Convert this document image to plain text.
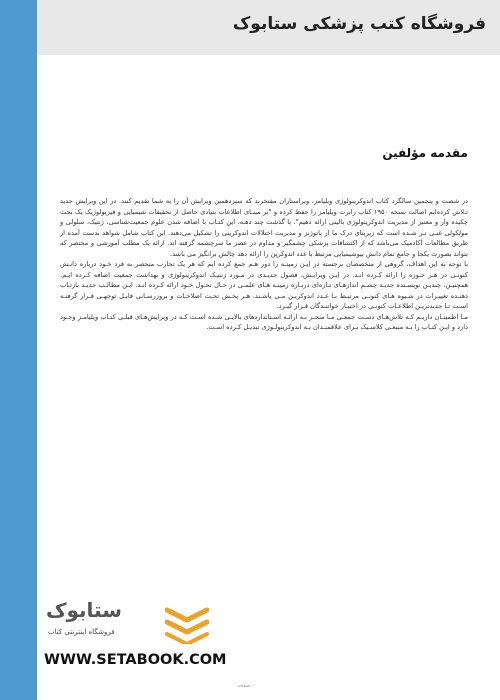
فروشگاه کتب پزشکی ستابوک
مقدمه مؤلفین

در شصت و پنجمین سالگرد کتاب اندوکرینولوژی ویلیامز، ویراستاران مفتخرند که سیزدهمین ویرایش آن را به شما تقدیم کنند. در این ویرایش جدید تـلاش کرده‌ایم اصالت نسخه ۱۹۵۰ کتاب رابرت ویلیامز را حفظ کرده و "بر مبنـای اطلاعات بنیادی حاصل از تحقیقات شیمیایی و فیزیولوژیک یک بحث چکیده وار و معتبر از مدیریت اندوکرینولوژی بالینی ارائه دهیم". با گذشت چند دهـه، این کتـاب با اضافه شدن علوم جمعیت‌شناسی، ژنتیک، سلولی و مولکولی غنـی تـر شـده است که زیربنای درک ما از پاتوژنز و مدیریت اختلالات اندوکرینی را تشکیل می‌دهند. این کتاب شامل شواهد بدست آمده از طریق مطالعات آکادمیک می‌باشد که از اکتشافات پزشکی چشمگیر و مداوم در عصر ما سرچشمه گرفته اند. ارائه یک مطلب آموزشی و مختصر که بتواند بصورت یکجا و جامع تمام دانش بیوشیمیایی مرتبط با غدد اندوکرین را ارائه دهد چالش برانگیز می باشد.

با توجه به این اهداف، گروهی از متخصصان برجسته در ایـن زمینـه را دور هـم جمع کرده ایم که هر یک تجارب منحصر به فرد خـود درباره دانـش کنونـی در هـر حـوزه را ارائه کـرده انـد. در ایـن ویرایـش، فصول جدیـدی در مـورد ژنتیـک اندوکرینولوژی و بهداشت جمعیت اضافه کـرده ایـم. همچنیـن، چندیـن نویسـنده جدیـد چشـم اندازهـای تـازه‌ای دربـاره زمینـه هـای علمـی در حـال تحـول خـود ارائه کـرده انـد. ایـن مطالـب جدیـد بازتـاب دهنـده تغییـرات در شـیوه هـای کنونـی مرتبـط بـا غـدد اندوکریـن مـی باشـند. هـر بخـش تحـت اصلاحـات و بروزرسـانی قابـل توجهـی قـرار گرفتـه اسـت تـا جدیدتریـن اطلاعـات کنونـی در اختیـار خواننـدگان قـرار گیـرد.

مـا اطمینـان داریـم کـه تلاش‌هـای دسـت جمعـی مـا منجـر بـه ارائـه اسـتانداردهای بالایـی شـده اسـت کـه در ویرایش‌هـای قبلـی کتـاب ویلیامـز وجـود دارد و ایـن کتـاب را بـه منبعـی کلاسـیک بـرای علاقمنـدان بـه اندوکرینولـوژی تبدیـل کـرده اسـت.

ستابوک
فروشگاه اینترنتی کتاب
WWW.SETABOOK.COM
- صفحه -
